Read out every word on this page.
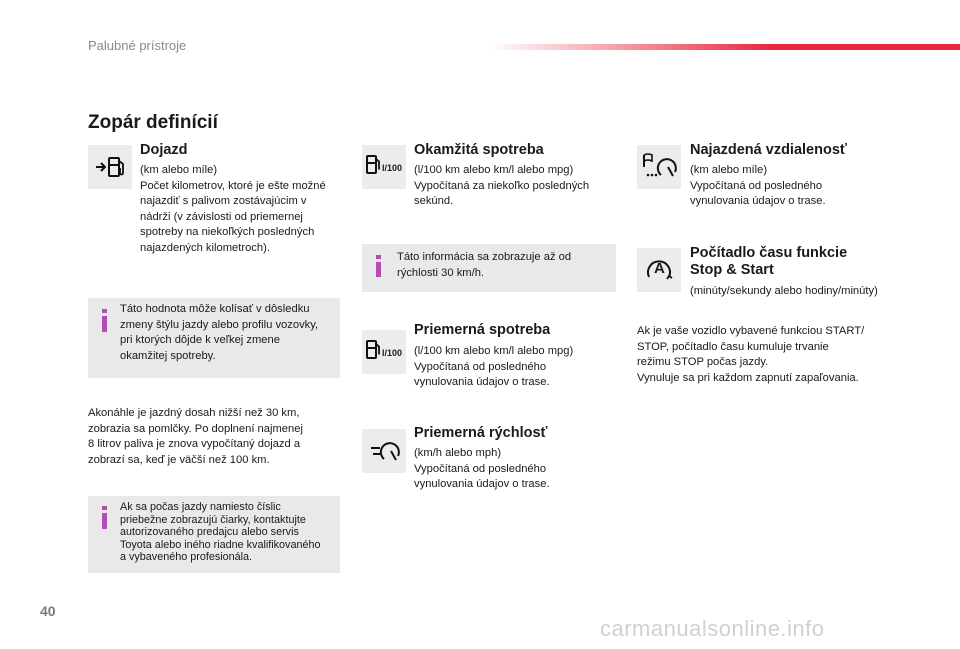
Palubné prístroje
Zopár definícií
Dojazd
(km alebo míle)
Počet kilometrov, ktoré je ešte možné
najazdiť s palivom zostávajúcim v
nádrži (v závislosti od priemernej
spotreby na niekoľkých posledných
najazdených kilometroch).
Táto hodnota môže kolísať v dôsledku
zmeny štýlu jazdy alebo profilu vozovky,
pri ktorých dôjde k veľkej zmene
okamžitej spotreby.
Akonáhle je jazdný dosah nižší než 30 km,
zobrazia sa pomlčky. Po doplnení najmenej
8 litrov paliva je znova vypočítaný dojazd a
zobrazí sa, keď je väčší než 100 km.
Ak sa počas jazdy namiesto číslic
priebežne zobrazujú čiarky, kontaktujte
autorizovaného predajcu alebo servis
Toyota alebo iného riadne kvalifikovaného
a vybaveného profesionála.
l/100
Okamžitá spotreba
(l/100 km alebo km/l alebo mpg)
Vypočítaná za niekoľko posledných
sekúnd.
Táto informácia sa zobrazuje až od
rýchlosti 30 km/h.
l/100
Priemerná spotreba
(l/100 km alebo km/l alebo mpg)
Vypočítaná od posledného
vynulovania údajov o trase.
Priemerná rýchlosť
(km/h alebo mph)
Vypočítaná od posledného
vynulovania údajov o trase.
Najazdená vzdialenosť
(km alebo míle)
Vypočítaná od posledného
vynulovania údajov o trase.
A
Počítadlo času funkcie
Stop & Start
(minúty/sekundy alebo hodiny/minúty)
Ak je vaše vozidlo vybavené funkciou START/
STOP, počítadlo času kumuluje trvanie
režimu STOP počas jazdy.
Vynuluje sa pri každom zapnutí zapaľovania.
40
carmanualsonline.info
